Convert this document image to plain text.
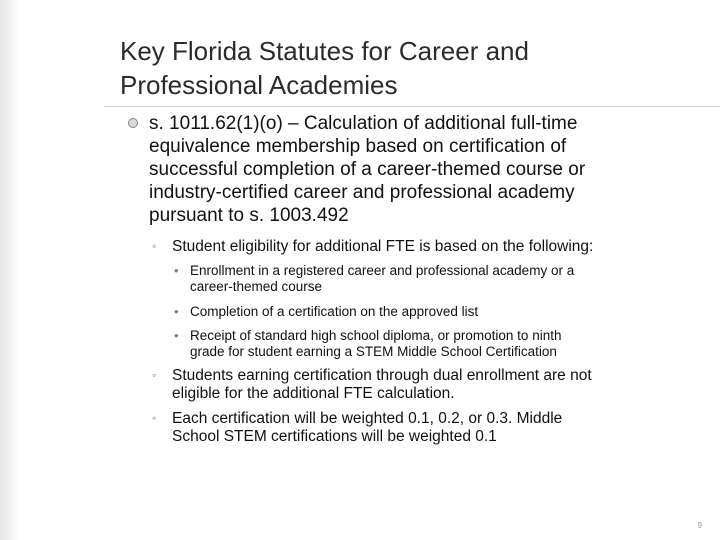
Key Florida Statutes for Career and
Professional Academies
s. 1011.62(1)(o) – Calculation of additional full-time
equivalence membership based on certification of
successful completion of a career-themed course or
industry-certified career and professional academy
pursuant to s. 1003.492
◦ Student eligibility for additional FTE is based on the following:
• Enrollment in a registered career and professional academy or a
career-themed course
• Completion of a certification on the approved list
• Receipt of standard high school diploma, or promotion to ninth
grade for student earning a STEM Middle School Certification
◦ Students earning certification through dual enrollment are not
eligible for the additional FTE calculation.
◦ Each certification will be weighted 0.1, 0.2, or 0.3. Middle
School STEM certifications will be weighted 0.1
9
